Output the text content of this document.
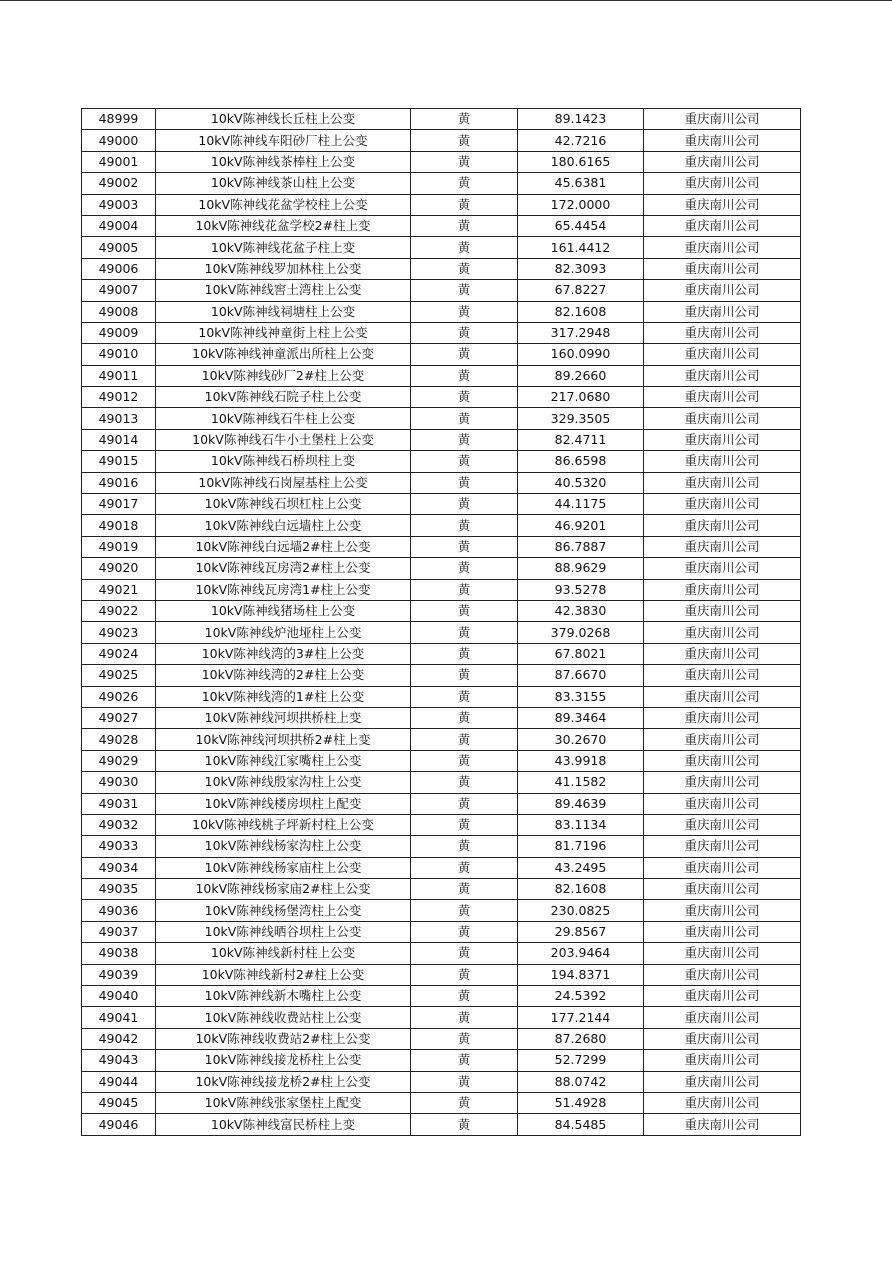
48999	10kV陈神线长丘柱上公变	黄	89.1423	重庆南川公司
49000	10kV陈神线车阳砂厂柱上公变	黄	42.7216	重庆南川公司
49001	10kV陈神线茶棒柱上公变	黄	180.6165	重庆南川公司
49002	10kV陈神线茶山柱上公变	黄	45.6381	重庆南川公司
49003	10kV陈神线花盆学校柱上公变	黄	172.0000	重庆南川公司
49004	10kV陈神线花盆学校2#柱上变	黄	65.4454	重庆南川公司
49005	10kV陈神线花盆子柱上变	黄	161.4412	重庆南川公司
49006	10kV陈神线罗加林柱上公变	黄	82.3093	重庆南川公司
49007	10kV陈神线窖土湾柱上公变	黄	67.8227	重庆南川公司
49008	10kV陈神线祠塘柱上公变	黄	82.1608	重庆南川公司
49009	10kV陈神线神童街上柱上公变	黄	317.2948	重庆南川公司
49010	10kV陈神线神童派出所柱上公变	黄	160.0990	重庆南川公司
49011	10kV陈神线砂厂2#柱上公变	黄	89.2660	重庆南川公司
49012	10kV陈神线石院子柱上公变	黄	217.0680	重庆南川公司
49013	10kV陈神线石牛柱上公变	黄	329.3505	重庆南川公司
49014	10kV陈神线石牛小土堡柱上公变	黄	82.4711	重庆南川公司
49015	10kV陈神线石桥坝柱上变	黄	86.6598	重庆南川公司
49016	10kV陈神线石岗屋基柱上公变	黄	40.5320	重庆南川公司
49017	10kV陈神线石坝杠柱上公变	黄	44.1175	重庆南川公司
49018	10kV陈神线白远墙柱上公变	黄	46.9201	重庆南川公司
49019	10kV陈神线白远墙2#柱上公变	黄	86.7887	重庆南川公司
49020	10kV陈神线瓦房湾2#柱上公变	黄	88.9629	重庆南川公司
49021	10kV陈神线瓦房湾1#柱上公变	黄	93.5278	重庆南川公司
49022	10kV陈神线猪场柱上公变	黄	42.3830	重庆南川公司
49023	10kV陈神线炉池垭柱上公变	黄	379.0268	重庆南川公司
49024	10kV陈神线湾的3#柱上公变	黄	67.8021	重庆南川公司
49025	10kV陈神线湾的2#柱上公变	黄	87.6670	重庆南川公司
49026	10kV陈神线湾的1#柱上公变	黄	83.3155	重庆南川公司
49027	10kV陈神线河坝拱桥柱上变	黄	89.3464	重庆南川公司
49028	10kV陈神线河坝拱桥2#柱上变	黄	30.2670	重庆南川公司
49029	10kV陈神线江家嘴柱上公变	黄	43.9918	重庆南川公司
49030	10kV陈神线殷家沟柱上公变	黄	41.1582	重庆南川公司
49031	10kV陈神线楼房坝柱上配变	黄	89.4639	重庆南川公司
49032	10kV陈神线桃子坪新村柱上公变	黄	83.1134	重庆南川公司
49033	10kV陈神线杨家沟柱上公变	黄	81.7196	重庆南川公司
49034	10kV陈神线杨家庙柱上公变	黄	43.2495	重庆南川公司
49035	10kV陈神线杨家庙2#柱上公变	黄	82.1608	重庆南川公司
49036	10kV陈神线杨堡湾柱上公变	黄	230.0825	重庆南川公司
49037	10kV陈神线晒谷坝柱上公变	黄	29.8567	重庆南川公司
49038	10kV陈神线新村柱上公变	黄	203.9464	重庆南川公司
49039	10kV陈神线新村2#柱上公变	黄	194.8371	重庆南川公司
49040	10kV陈神线新木嘴柱上公变	黄	24.5392	重庆南川公司
49041	10kV陈神线收费站柱上公变	黄	177.2144	重庆南川公司
49042	10kV陈神线收费站2#柱上公变	黄	87.2680	重庆南川公司
49043	10kV陈神线接龙桥柱上公变	黄	52.7299	重庆南川公司
49044	10kV陈神线接龙桥2#柱上公变	黄	88.0742	重庆南川公司
49045	10kV陈神线张家堡柱上配变	黄	51.4928	重庆南川公司
49046	10kV陈神线富民桥柱上变	黄	84.5485	重庆南川公司
